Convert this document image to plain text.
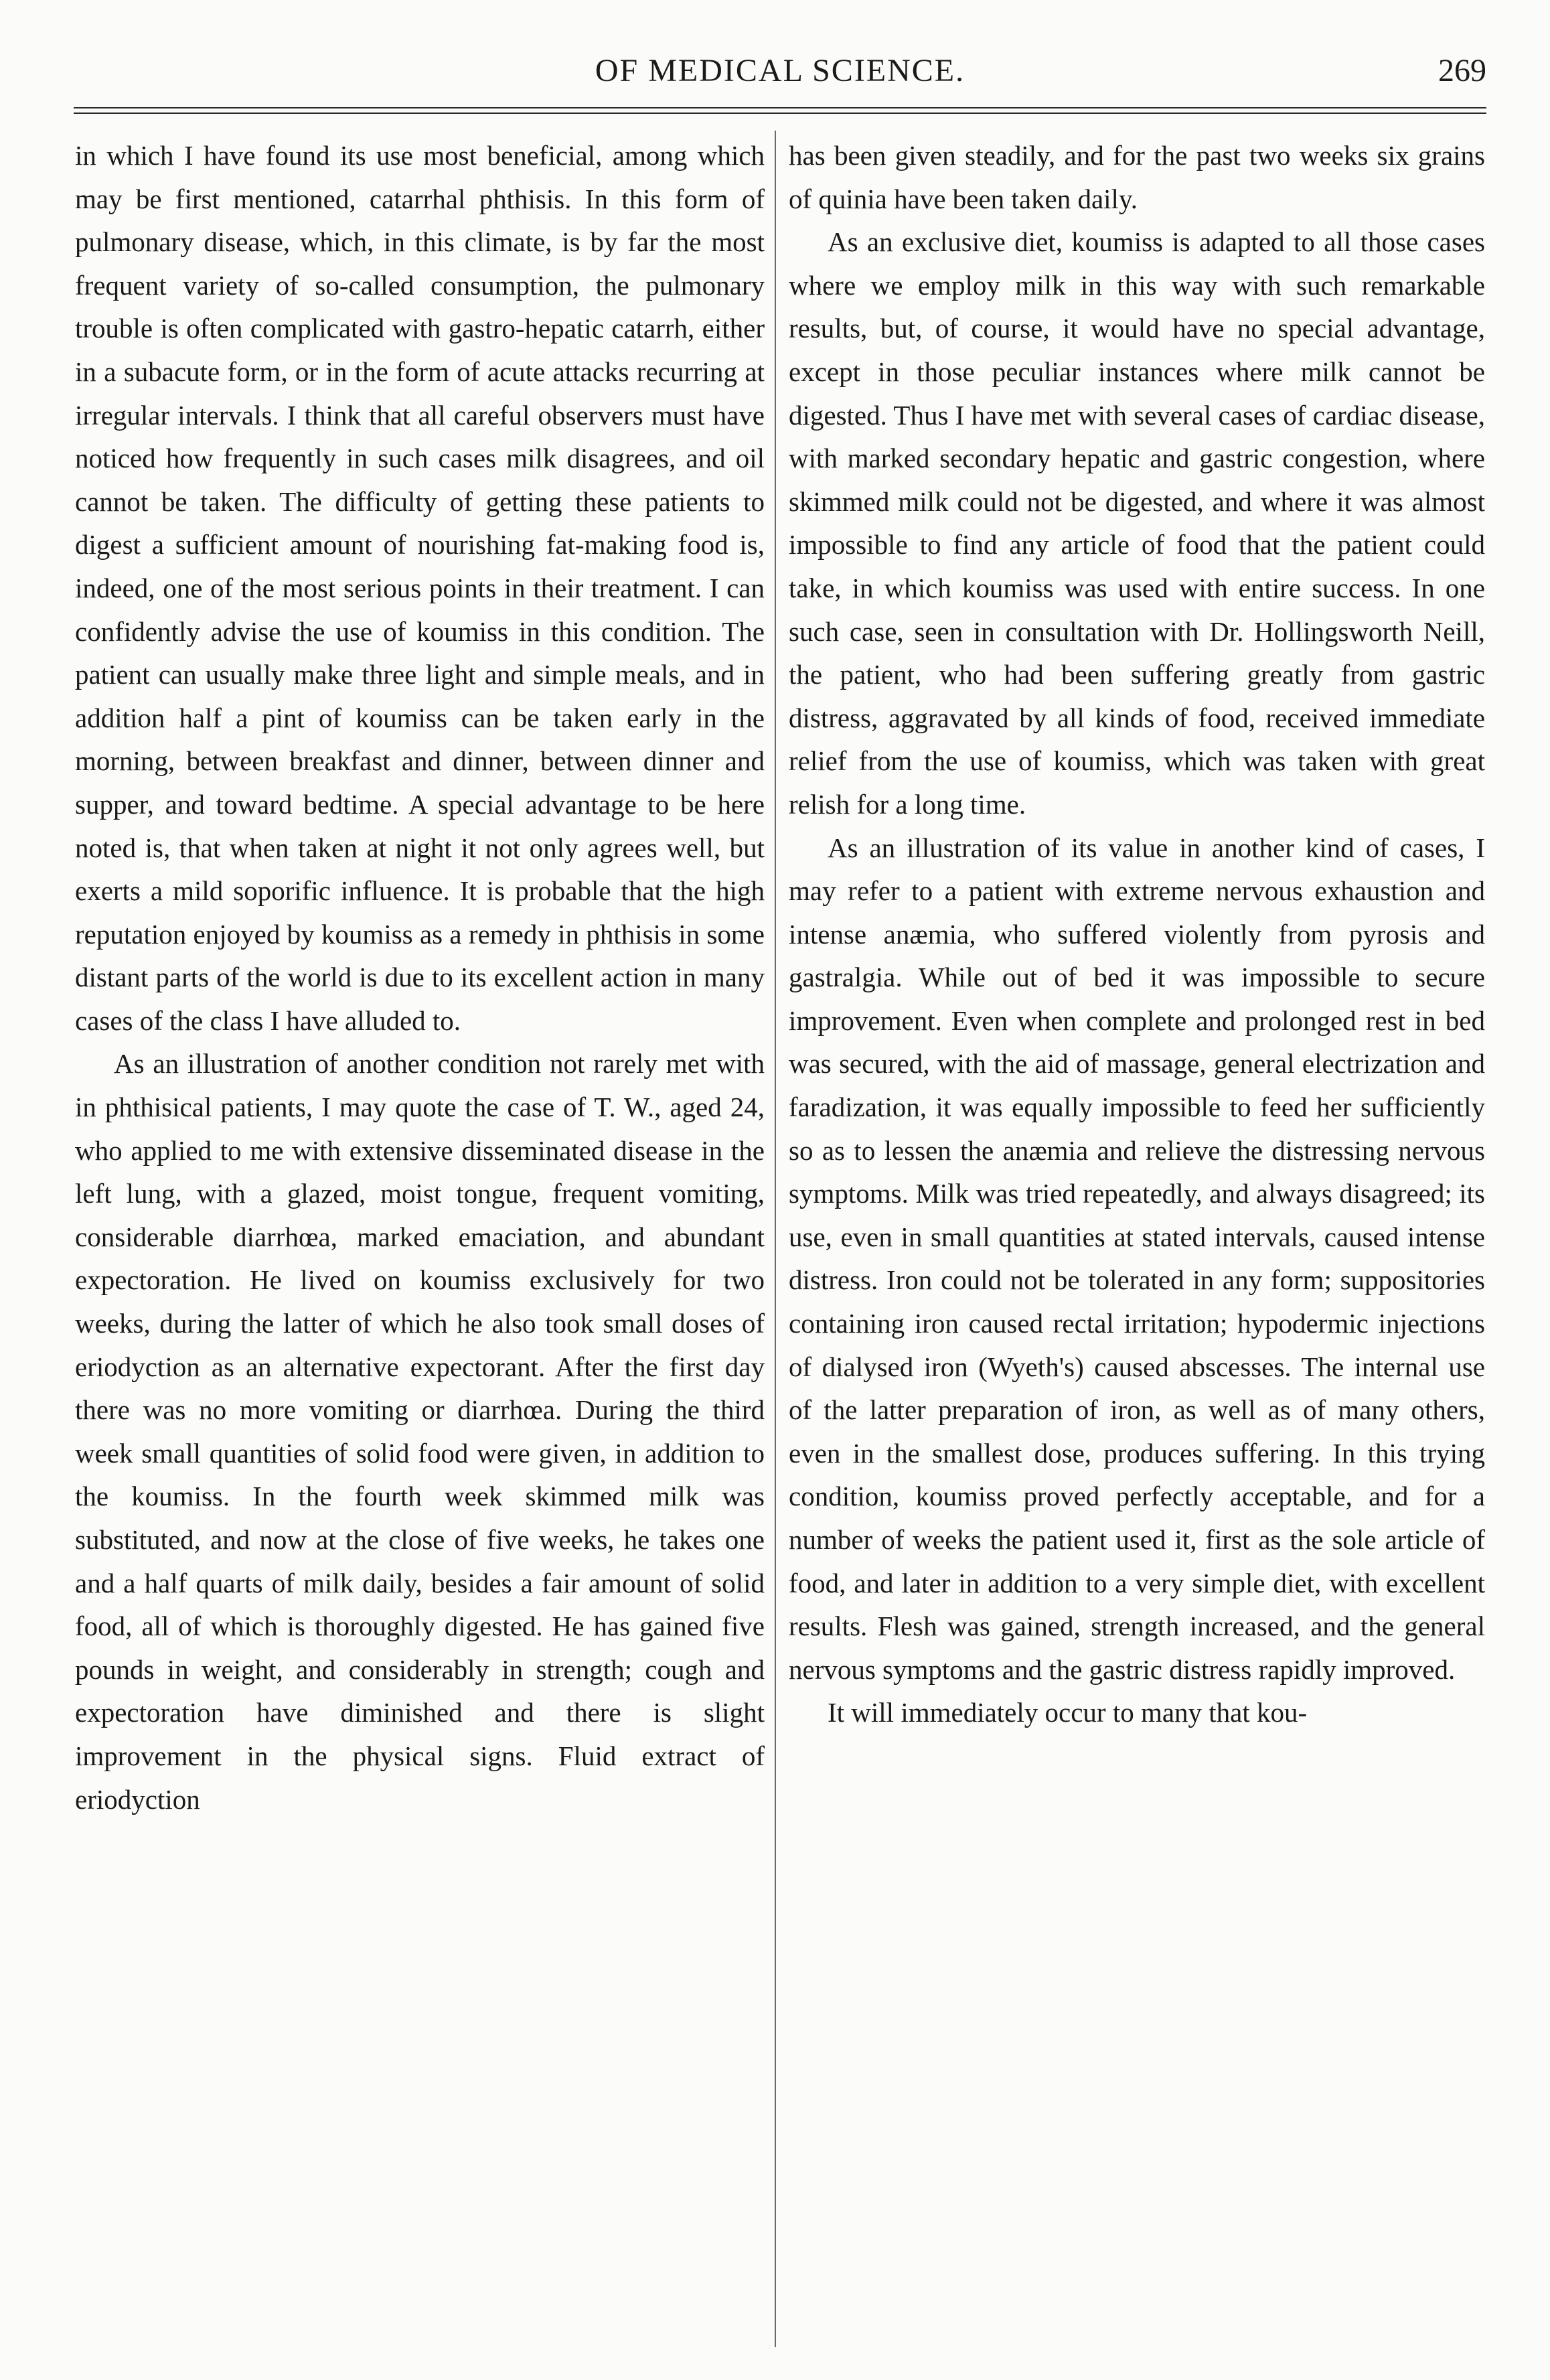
OF MEDICAL SCIENCE.	269

in which I have found its use most beneficial, among which may be first mentioned, catarrhal phthisis. In this form of pulmonary disease, which, in this climate, is by far the most frequent variety of so-called consumption, the pulmonary trouble is often complicated with gastro-hepatic catarrh, either in a subacute form, or in the form of acute attacks recurring at irregular intervals. I think that all careful observers must have noticed how frequently in such cases milk disagrees, and oil cannot be taken. The difficulty of getting these patients to digest a sufficient amount of nourishing fat-making food is, indeed, one of the most serious points in their treatment. I can confidently advise the use of koumiss in this condition. The patient can usually make three light and simple meals, and in addition half a pint of koumiss can be taken early in the morning, between breakfast and dinner, between dinner and supper, and toward bedtime. A special advantage to be here noted is, that when taken at night it not only agrees well, but exerts a mild soporific influence. It is probable that the high reputation enjoyed by koumiss as a remedy in phthisis in some distant parts of the world is due to its excellent action in many cases of the class I have alluded to.

As an illustration of another condition not rarely met with in phthisical patients, I may quote the case of T. W., aged 24, who applied to me with extensive disseminated disease in the left lung, with a glazed, moist tongue, frequent vomiting, considerable diarrhœa, marked emaciation, and abundant expectoration. He lived on koumiss exclusively for two weeks, during the latter of which he also took small doses of eriodyction as an alternative expectorant. After the first day there was no more vomiting or diarrhœa. During the third week small quantities of solid food were given, in addition to the koumiss. In the fourth week skimmed milk was substituted, and now at the close of five weeks, he takes one and a half quarts of milk daily, besides a fair amount of solid food, all of which is thoroughly digested. He has gained five pounds in weight, and considerably in strength; cough and expectoration have diminished and there is slight improvement in the physical signs. Fluid extract of eriodyction

has been given steadily, and for the past two weeks six grains of quinia have been taken daily.

As an exclusive diet, koumiss is adapted to all those cases where we employ milk in this way with such remarkable results, but, of course, it would have no special advantage, except in those peculiar instances where milk cannot be digested. Thus I have met with several cases of cardiac disease, with marked secondary hepatic and gastric congestion, where skimmed milk could not be digested, and where it was almost impossible to find any article of food that the patient could take, in which koumiss was used with entire success. In one such case, seen in consultation with Dr. Hollingsworth Neill, the patient, who had been suffering greatly from gastric distress, aggravated by all kinds of food, received immediate relief from the use of koumiss, which was taken with great relish for a long time.

As an illustration of its value in another kind of cases, I may refer to a patient with extreme nervous exhaustion and intense anæmia, who suffered violently from pyrosis and gastralgia. While out of bed it was impossible to secure improvement. Even when complete and prolonged rest in bed was secured, with the aid of massage, general electrization and faradization, it was equally impossible to feed her sufficiently so as to lessen the anæmia and relieve the distressing nervous symptoms. Milk was tried repeatedly, and always disagreed; its use, even in small quantities at stated intervals, caused intense distress. Iron could not be tolerated in any form; suppositories containing iron caused rectal irritation; hypodermic injections of dialysed iron (Wyeth's) caused abscesses. The internal use of the latter preparation of iron, as well as of many others, even in the smallest dose, produces suffering. In this trying condition, koumiss proved perfectly acceptable, and for a number of weeks the patient used it, first as the sole article of food, and later in addition to a very simple diet, with excellent results. Flesh was gained, strength increased, and the general nervous symptoms and the gastric distress rapidly improved.

It will immediately occur to many that kou-
